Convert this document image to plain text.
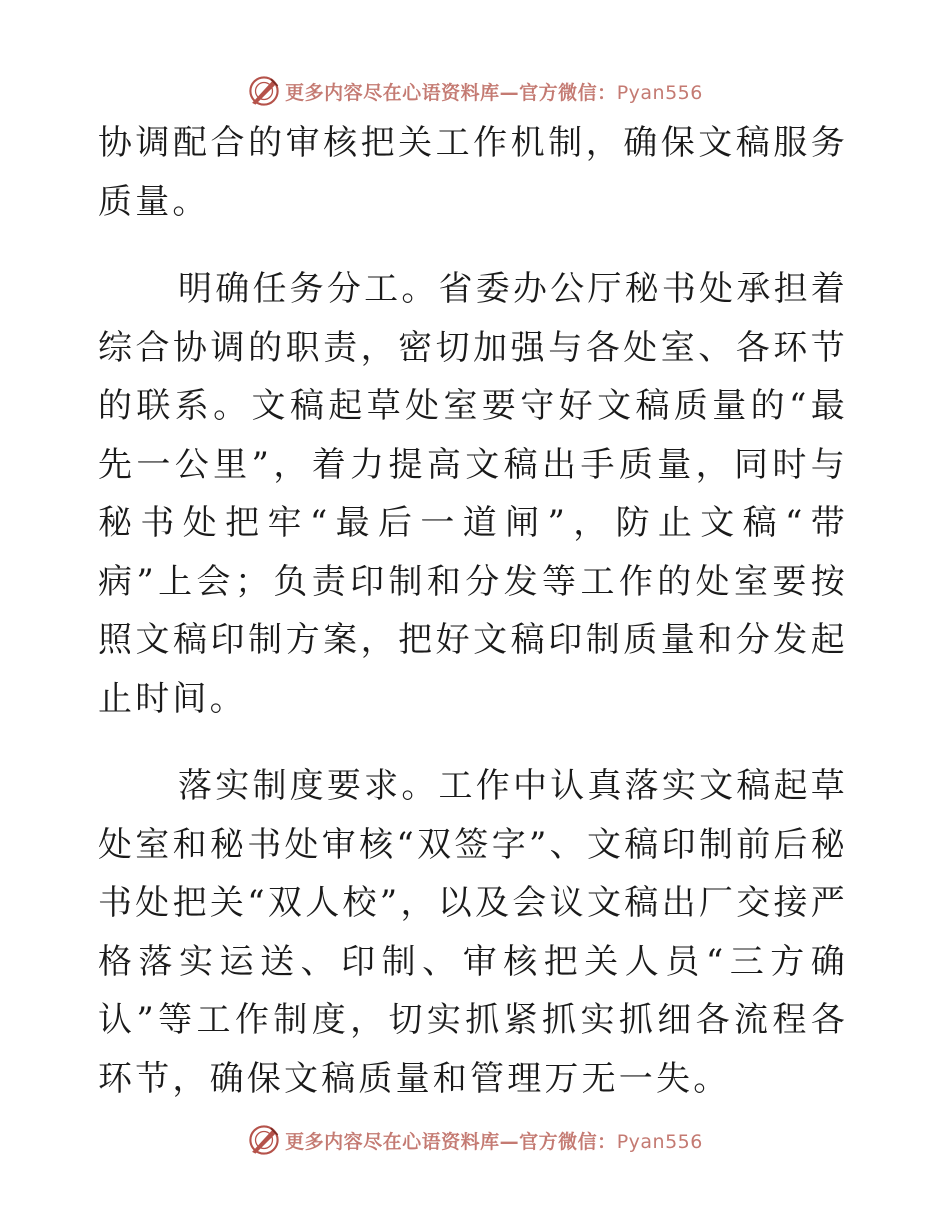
更多内容尽在心语资料库—官方微信：Pyan556

协调配合的审核把关工作机制，确保文稿服务质量。

明确任务分工。省委办公厅秘书处承担着综合协调的职责，密切加强与各处室、各环节的联系。文稿起草处室要守好文稿质量的“最先一公里”，着力提高文稿出手质量，同时与秘书处把牢“最后一道闸”，防止文稿“带病”上会；负责印制和分发等工作的处室要按照文稿印制方案，把好文稿印制质量和分发起止时间。

落实制度要求。工作中认真落实文稿起草处室和秘书处审核“双签字”、文稿印制前后秘书处把关“双人校”，以及会议文稿出厂交接严格落实运送、印制、审核把关人员“三方确认”等工作制度，切实抓紧抓实抓细各流程各环节，确保文稿质量和管理万无一失。

更多内容尽在心语资料库—官方微信：Pyan556
